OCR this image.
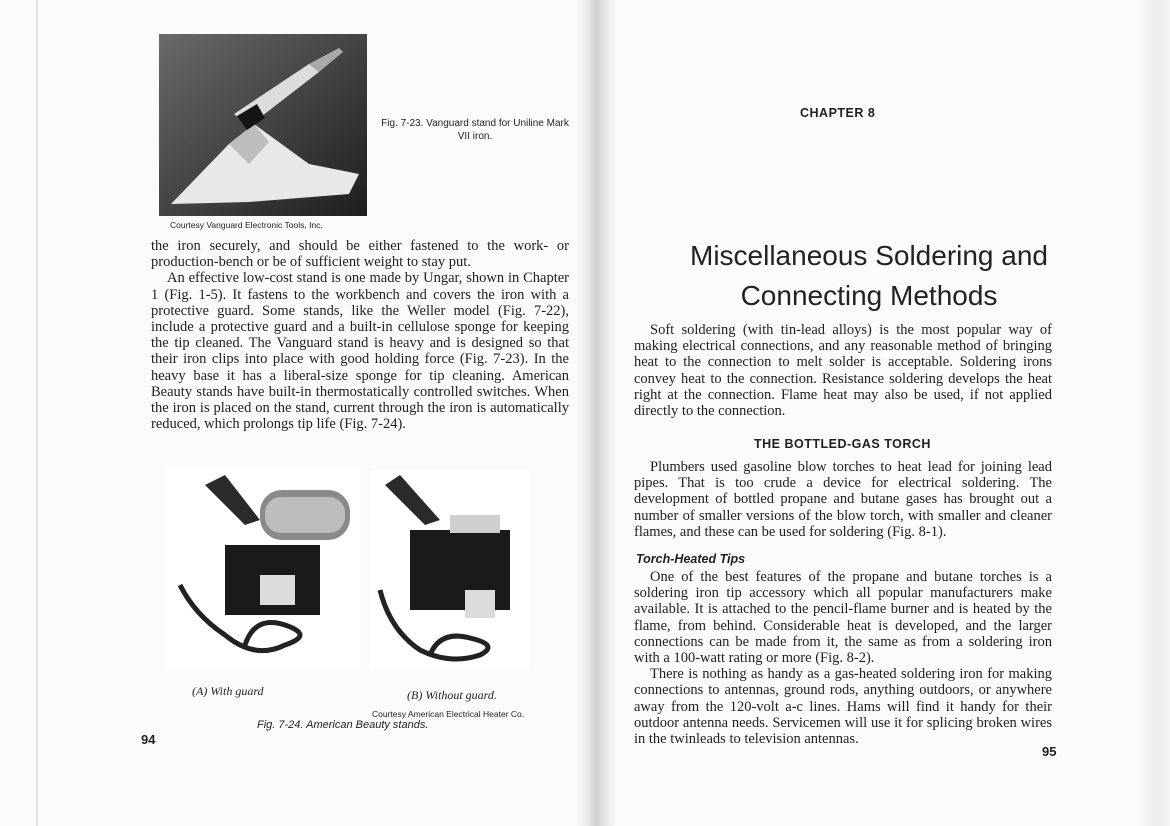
Fig. 7-23. Vanguard stand for Uniline Mark VII iron.
Courtesy Vanguard Electronic Tools, Inc.

the iron securely, and should be either fastened to the work- or production-bench or be of sufficient weight to stay put.

An effective low-cost stand is one made by Ungar, shown in Chapter 1 (Fig. 1-5). It fastens to the workbench and covers the iron with a protective guard. Some stands, like the Weller model (Fig. 7-22), include a protective guard and a built-in cellulose sponge for keeping the tip cleaned. The Vanguard stand is heavy and is designed so that their iron clips into place with good holding force (Fig. 7-23). In the heavy base it has a liberal-size sponge for tip cleaning. American Beauty stands have built-in thermostatically controlled switches. When the iron is placed on the stand, current through the iron is automatically reduced, which prolongs tip life (Fig. 7-24).

(A) With guard	(B) Without guard.
Courtesy American Electrical Heater Co.
Fig. 7-24. American Beauty stands.
94
CHAPTER 8
Miscellaneous Soldering and
Connecting Methods

Soft soldering (with tin-lead alloys) is the most popular way of making electrical connections, and any reasonable method of bringing heat to the connection to melt solder is acceptable. Soldering irons convey heat to the connection. Resistance soldering develops the heat right at the connection. Flame heat may also be used, if not applied directly to the connection.

THE BOTTLED-GAS TORCH

Plumbers used gasoline blow torches to heat lead for joining lead pipes. That is too crude a device for electrical soldering. The development of bottled propane and butane gases has brought out a number of smaller versions of the blow torch, with smaller and cleaner flames, and these can be used for soldering (Fig. 8-1).

Torch-Heated Tips

One of the best features of the propane and butane torches is a soldering iron tip accessory which all popular manufacturers make available. It is attached to the pencil-flame burner and is heated by the flame, from behind. Considerable heat is developed, and the larger connections can be made from it, the same as from a soldering iron with a 100-watt rating or more (Fig. 8-2).

There is nothing as handy as a gas-heated soldering iron for making connections to antennas, ground rods, anything outdoors, or anywhere away from the 120-volt a-c lines. Hams will find it handy for their outdoor antenna needs. Servicemen will use it for splicing broken wires in the twinleads to television antennas.

95
